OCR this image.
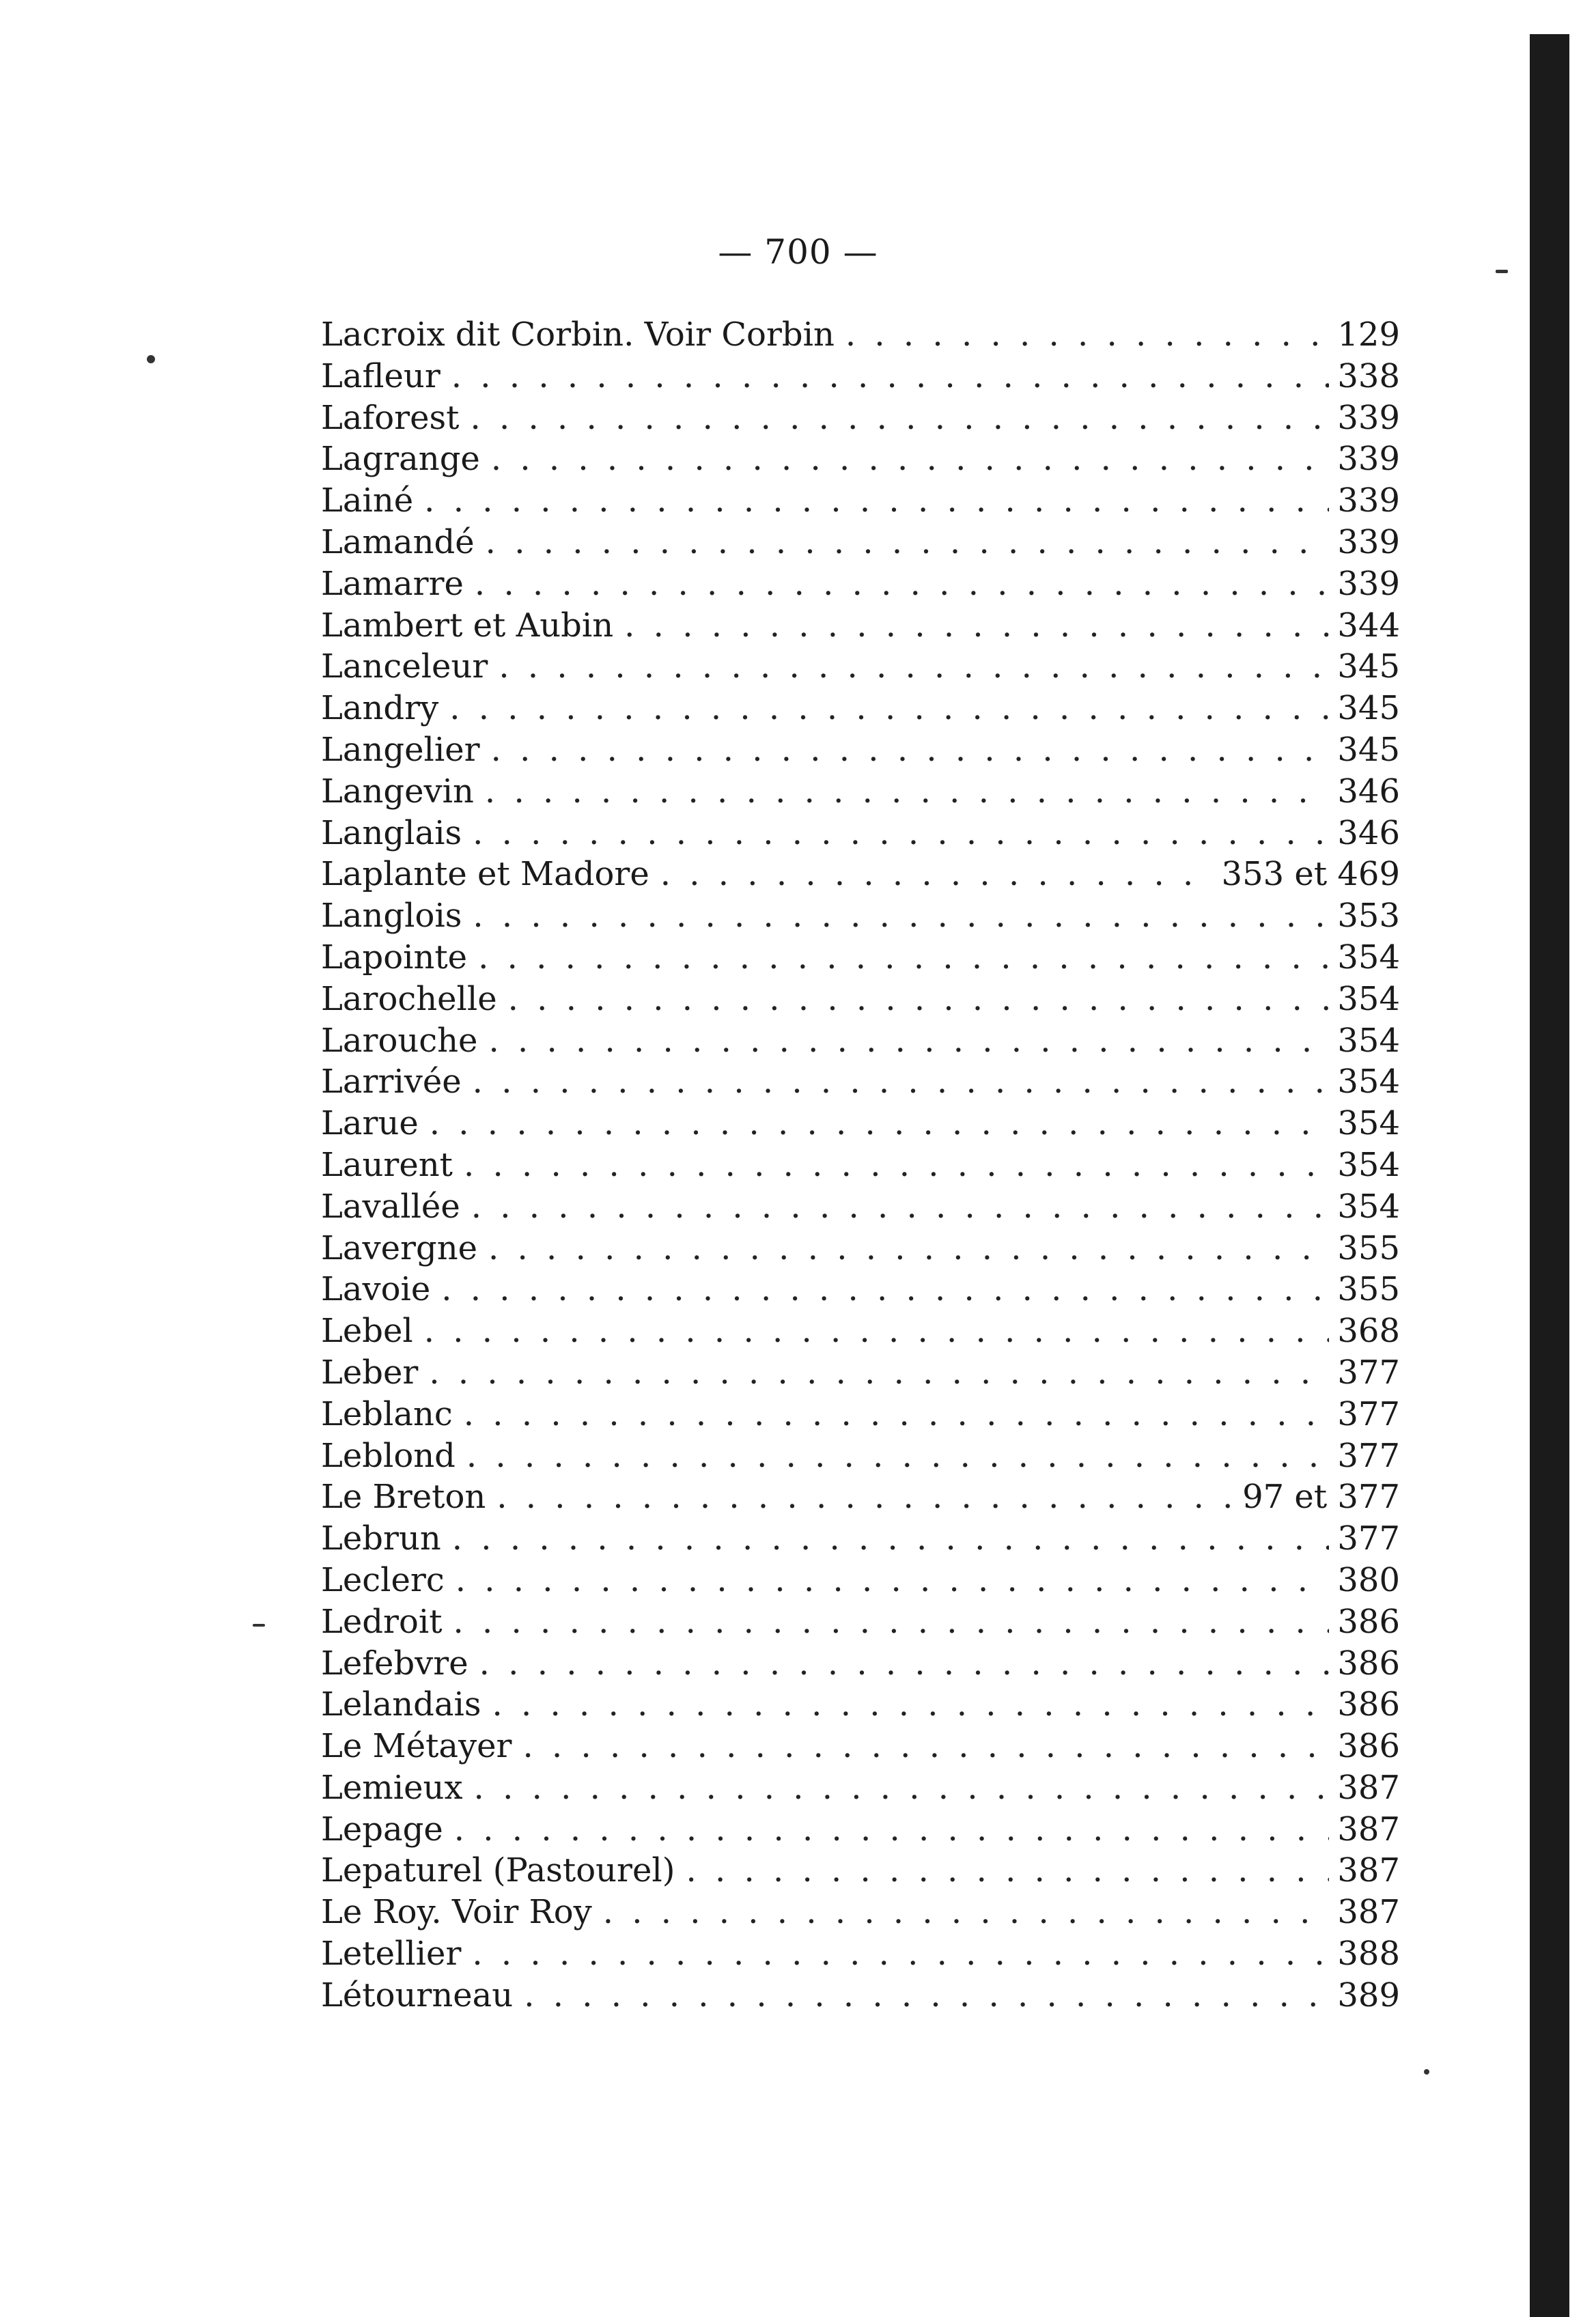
— 700 —
Lacroix dit Corbin. Voir Corbin . . .	129
Lafleur . . .	338
Laforest . . .	339
Lagrange . . .	339
Lainé . . .	339
Lamandé . . .	339
Lamarre . . .	339
Lambert et Aubin . . .	344
Lanceleur . . .	345
Landry . . .	345
Langelier . . .	345
Langevin . . .	346
Langlais . . .	346
Laplante et Madore . . .	353 et 469
Langlois . . .	353
Lapointe . . .	354
Larochelle . . .	354
Larouche . . .	354
Larrivée . . .	354
Larue . . .	354
Laurent . . .	354
Lavallée . . .	354
Lavergne . . .	355
Lavoie . . .	355
Lebel . . .	368
Leber . . .	377
Leblanc . . .	377
Leblond . . .	377
Le Breton . . .	97 et 377
Lebrun . . .	377
Leclerc . . .	380
Ledroit . . .	386
Lefebvre . . .	386
Lelandais . . .	386
Le Métayer . . .	386
Lemieux . . .	387
Lepage . . .	387
Lepaturel (Pastourel) . . .	387
Le Roy. Voir Roy . . .	387
Letellier . . .	388
Létourneau . . .	389
